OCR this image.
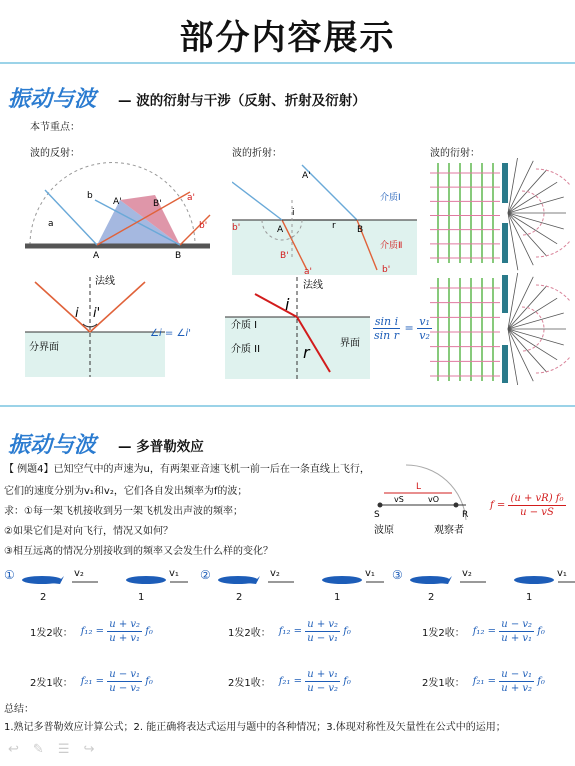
部分内容展示
振动与波 — 波的衍射与干涉（反射、折射及衍射）
本节重点：
波的反射：	波的折射：	波的衍射：
a
b
A'	B'
a'
b'
A	B
A'
i
A	B
r
B'
a'	b'
b'
介质Ⅰ
介质Ⅱ
法线
i i'
分界面
∠i = ∠i'
法线
i
r
介质 I
介质 II
界面
$\frac{\text{sin i}}{\text{sin r}} = \frac{\text{v₁}}{\text{v₂}}$
振动与波 — 多普勒效应
【 例题4】已知空气中的声速为u，有两架亚音速飞机一前一后在一条直线上飞行，
它们的速度分别为v₁和v₂，它们各自发出频率为f的波；
求：①每一架飞机接收到另一架飞机发出声波的频率；
②如果它们是对向飞行，情况又如何？
③相互远离的情况分别接收到的频率又会发生什么样的变化？
L
vS	vO
S	R
波原	观察者
$f = \frac{\text{(u + vR) f₀}}{u - vS}$
①	v₂	v₁
2	1
②	v₂	v₁
2	1
③	v₂	v₁
2	1
1发2收： $f_{12} = \frac{\text{u + v₂}}{\text{u + v₁}} f_0$
2发1收： $f_{21} = \frac{\text{u − v₁}}{\text{u − v₂}} f_0$
1发2收： $f_{12} = \frac{\text{u + v₂}}{\text{u − v₁}} f_0$
2发1收： $f_{21} = \frac{\text{u + v₁}}{\text{u − v₂}} f_0$
1发2收： $f_{12} = \frac{\text{u − v₂}}{\text{u + v₁}} f_0$
2发1收： $f_{21} = \frac{\text{u − v₁}}{\text{u + v₂}} f_0$
总结：
1.熟记多普勒效应计算公式；2. 能正确将表达式运用与题中的各种情况；3.体现对称性及矢量性在公式中的运用；
↩ ✎ ☰ ↪
